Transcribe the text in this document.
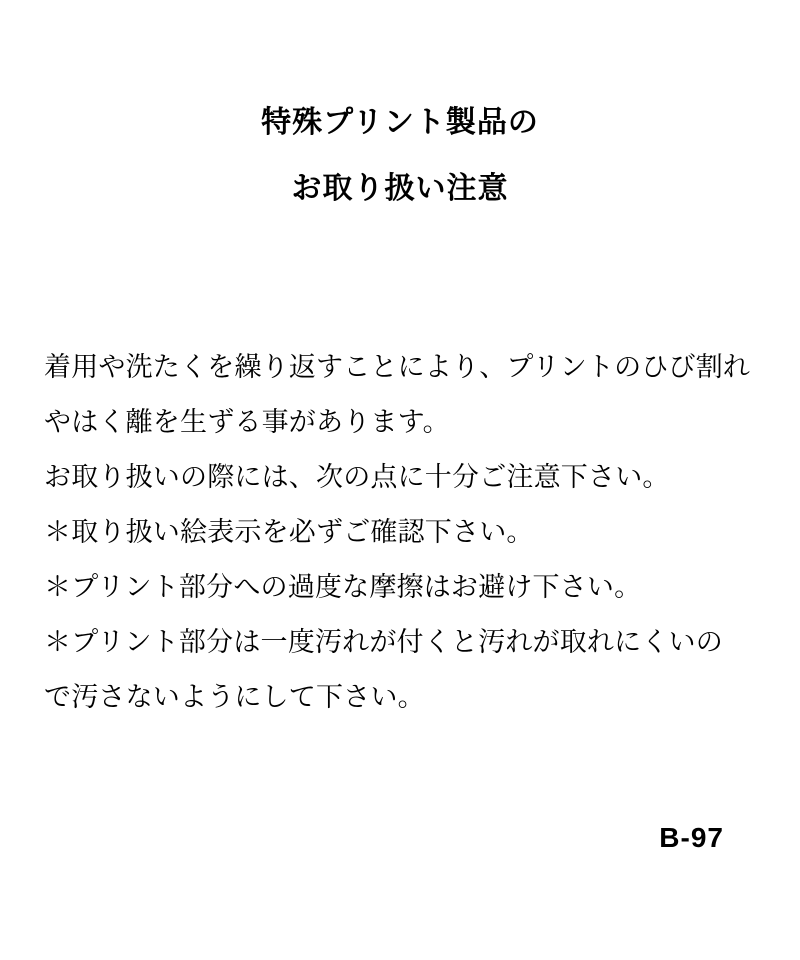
特殊プリント製品の
お取り扱い注意
着用や洗たくを繰り返すことにより、プリントのひび割れ
やはく離を生ずる事があります。
お取り扱いの際には、次の点に十分ご注意下さい。
＊取り扱い絵表示を必ずご確認下さい。
＊プリント部分への過度な摩擦はお避け下さい。
＊プリント部分は一度汚れが付くと汚れが取れにくいの
で汚さないようにして下さい。
B-97
